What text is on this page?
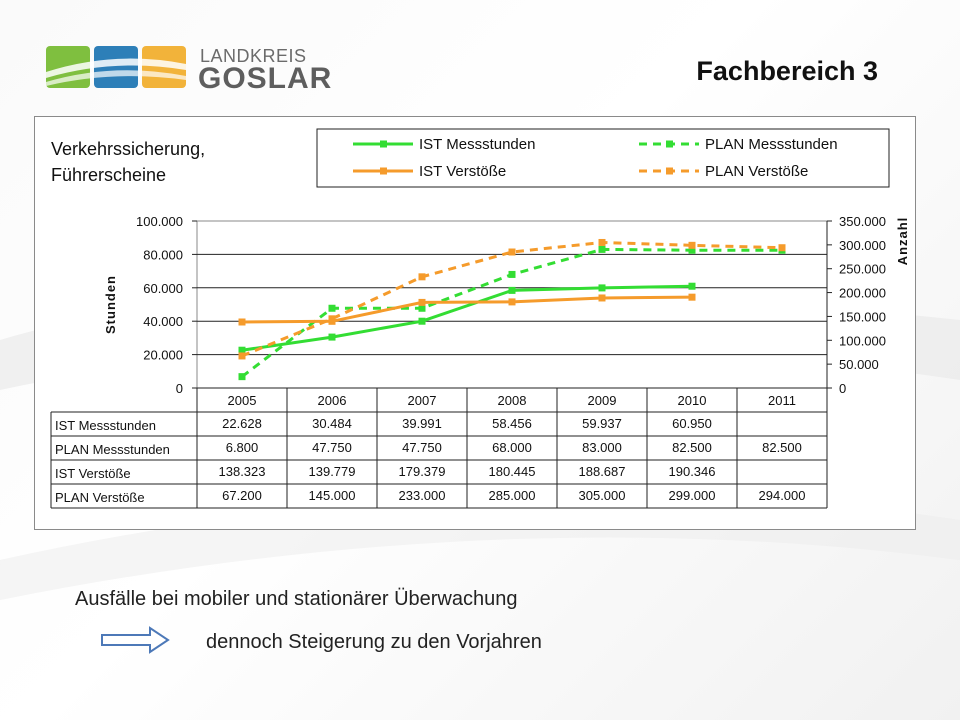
LANDKREIS
GOSLAR	Fachbereich 3
Verkehrssicherung,
Führerscheine
IST Messstunden	PLAN Messstunden
IST Verstöße	PLAN Verstöße
100.000
80.000
60.000
40.000
20.000
0
350.000
300.000
250.000
200.000
150.000
100.000
50.000
0
Stunden
Anzahl
2005	2006	2007	2008	2009	2010	2011
IST Messstunden	22.628	30.484	39.991	58.456	59.937	60.950
PLAN Messstunden	6.800	47.750	47.750	68.000	83.000	82.500	82.500
IST Verstöße	138.323	139.779	179.379	180.445	188.687	190.346
PLAN Verstöße	67.200	145.000	233.000	285.000	305.000	299.000	294.000
Ausfälle bei mobiler und stationärer Überwachung
dennoch Steigerung zu den Vorjahren
